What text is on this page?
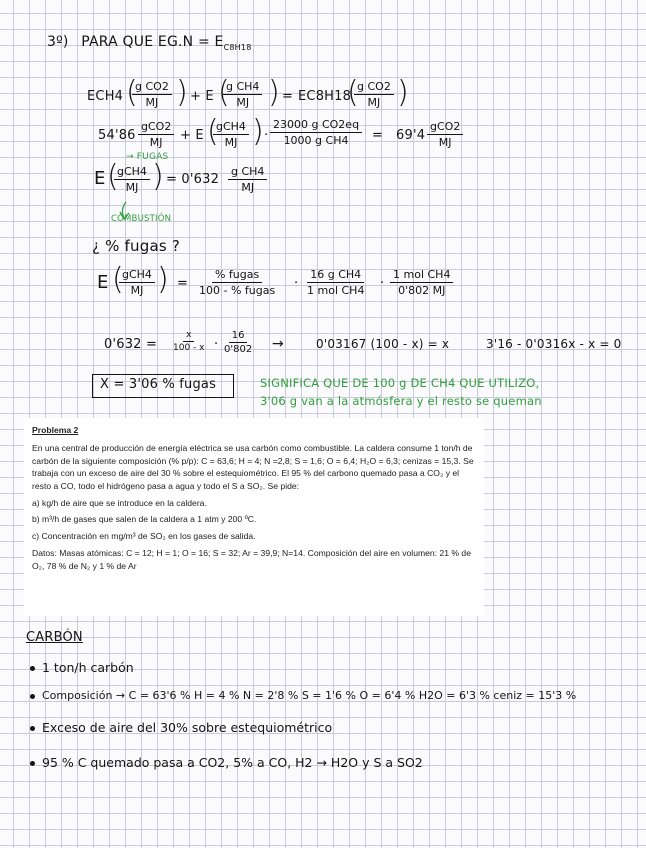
3º) PARA QUE $EG.N = E_{C8H18}$
ECH4 (
$\frac{\text{g CO2}}{MJ}$ ) + E (
$\frac{\text{g CH4}}{MJ}$ ) = EC8H18
(
$\frac{\text{g CO2}}{MJ}$ )
54'86
gCO2
MJ + E (
gCH4
MJ ) · $\frac{\text{23000 g CO2eq}}{\text{1000 g CH4}} = 69'4$
gCO2
MJ
→ FUGAS
E (
gCH4
MJ ) = $0'632 \frac{\text{g CH4}}{MJ}$
COMBUSTIÓN
¿ % fugas ?
E (
gCH4
MJ ) =
% fugas
100 - % fugas ·
16 g CH4
1 mol CH4 ·
1 mol CH4
0'802 MJ
$0'632 = \frac{x}{100 - x} \cdot \frac{16}{0'802}$ →	0'03167 (100 - x) = x	3'16 - 0'0316x - x = 0
X = 3'06 % fugas	SIGNIFICA QUE DE 100 g DE CH4 QUE UTILIZO,
3'06 g van a la atmósfera y el resto se queman

Problema 2

En una central de producción de energía eléctrica se usa carbón como combustible. La caldera consume 1 ton/h de carbón de la siguiente composición (% p/p): C = 63,6; H = 4; N =2,8; S = 1,6; O = 6,4; H₂O = 6,3; cenizas = 15,3. Se trabaja con un exceso de aire del 30 % sobre el estequiométrico. El 95 % del carbono quemado pasa a CO₂ y el resto a CO, todo el hidrógeno pasa a agua y todo el S a SO₂. Se pide:

a) kg/h de aire que se introduce en la caldera.

b) m³/h de gases que salen de la caldera a 1 atm y 200 ºC.

c) Concentración en mg/m³ de SO₂ en los gases de salida.

Datos: Masas atómicas: C = 12; H = 1; O = 16; S = 32; Ar = 39,9; N=14. Composición del aire en volumen: 21 % de O₂, 78 % de N₂ y 1 % de Ar

CARBÓN
1 ton/h carbón
Composición → C = 63'6 % H = 4 % N = 2'8 % S = 1'6 % O = 6'4 % H2O = 6'3 % ceniz = 15'3 %
Exceso de aire del 30% sobre estequiométrico
95 % C quemado pasa a CO2, 5% a CO, H2 → H2O y S a SO2
